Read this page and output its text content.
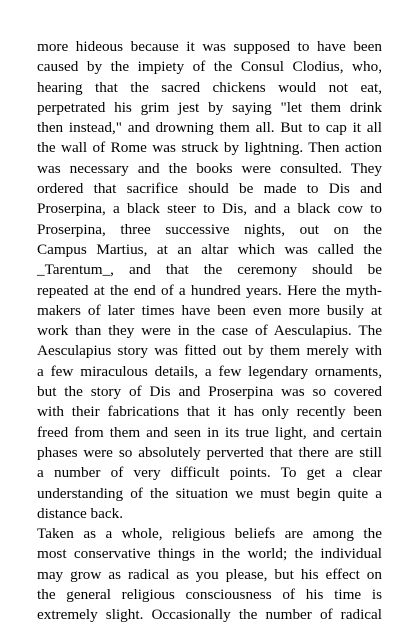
more hideous because it was supposed to have been
caused by the impiety of the Consul Clodius, who,
hearing that the sacred chickens would not eat,
perpetrated his grim jest by saying "let them drink
then instead," and drowning them all. But to cap it all
the wall of Rome was struck by lightning. Then action
was necessary and the books were consulted. They
ordered that sacrifice should be made to Dis and
Proserpina, a black steer to Dis, and a black cow to
Proserpina, three successive nights, out on the
Campus Martius, at an altar which was called the
_Tarentum_, and that the ceremony should be
repeated at the end of a hundred years. Here the myth-
makers of later times have been even more busily at
work than they were in the case of Aesculapius. The
Aesculapius story was fitted out by them merely with
a few miraculous details, a few legendary ornaments,
but the story of Dis and Proserpina was so covered
with their fabrications that it has only recently been
freed from them and seen in its true light, and certain
phases were so absolutely perverted that there are still
a number of very difficult points. To get a clear
understanding of the situation we must begin quite a
distance back.
Taken as a whole, religious beliefs are among the
most conservative things in the world; the individual
may grow as radical as you please, but his effect on
the general religious consciousness of his time is
extremely slight. Occasionally the number of radical
